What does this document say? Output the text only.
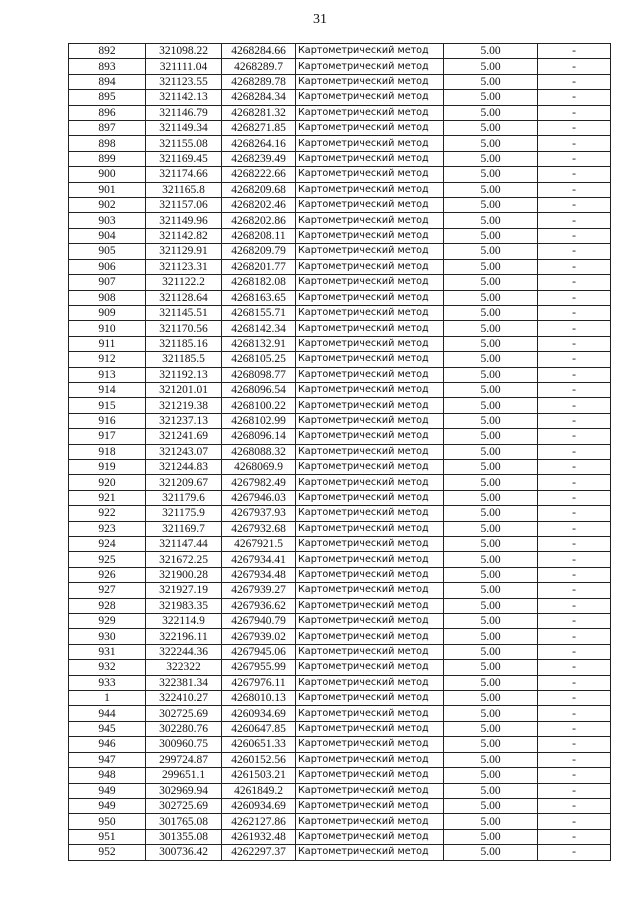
31
892	321098.22	4268284.66	Картометрический метод	5.00	-
893	321111.04	4268289.7	Картометрический метод	5.00	-
894	321123.55	4268289.78	Картометрический метод	5.00	-
895	321142.13	4268284.34	Картометрический метод	5.00	-
896	321146.79	4268281.32	Картометрический метод	5.00	-
897	321149.34	4268271.85	Картометрический метод	5.00	-
898	321155.08	4268264.16	Картометрический метод	5.00	-
899	321169.45	4268239.49	Картометрический метод	5.00	-
900	321174.66	4268222.66	Картометрический метод	5.00	-
901	321165.8	4268209.68	Картометрический метод	5.00	-
902	321157.06	4268202.46	Картометрический метод	5.00	-
903	321149.96	4268202.86	Картометрический метод	5.00	-
904	321142.82	4268208.11	Картометрический метод	5.00	-
905	321129.91	4268209.79	Картометрический метод	5.00	-
906	321123.31	4268201.77	Картометрический метод	5.00	-
907	321122.2	4268182.08	Картометрический метод	5.00	-
908	321128.64	4268163.65	Картометрический метод	5.00	-
909	321145.51	4268155.71	Картометрический метод	5.00	-
910	321170.56	4268142.34	Картометрический метод	5.00	-
911	321185.16	4268132.91	Картометрический метод	5.00	-
912	321185.5	4268105.25	Картометрический метод	5.00	-
913	321192.13	4268098.77	Картометрический метод	5.00	-
914	321201.01	4268096.54	Картометрический метод	5.00	-
915	321219.38	4268100.22	Картометрический метод	5.00	-
916	321237.13	4268102.99	Картометрический метод	5.00	-
917	321241.69	4268096.14	Картометрический метод	5.00	-
918	321243.07	4268088.32	Картометрический метод	5.00	-
919	321244.83	4268069.9	Картометрический метод	5.00	-
920	321209.67	4267982.49	Картометрический метод	5.00	-
921	321179.6	4267946.03	Картометрический метод	5.00	-
922	321175.9	4267937.93	Картометрический метод	5.00	-
923	321169.7	4267932.68	Картометрический метод	5.00	-
924	321147.44	4267921.5	Картометрический метод	5.00	-
925	321672.25	4267934.41	Картометрический метод	5.00	-
926	321900.28	4267934.48	Картометрический метод	5.00	-
927	321927.19	4267939.27	Картометрический метод	5.00	-
928	321983.35	4267936.62	Картометрический метод	5.00	-
929	322114.9	4267940.79	Картометрический метод	5.00	-
930	322196.11	4267939.02	Картометрический метод	5.00	-
931	322244.36	4267945.06	Картометрический метод	5.00	-
932	322322	4267955.99	Картометрический метод	5.00	-
933	322381.34	4267976.11	Картометрический метод	5.00	-
1	322410.27	4268010.13	Картометрический метод	5.00	-
944	302725.69	4260934.69	Картометрический метод	5.00	-
945	302280.76	4260647.85	Картометрический метод	5.00	-
946	300960.75	4260651.33	Картометрический метод	5.00	-
947	299724.87	4260152.56	Картометрический метод	5.00	-
948	299651.1	4261503.21	Картометрический метод	5.00	-
949	302969.94	4261849.2	Картометрический метод	5.00	-
949	302725.69	4260934.69	Картометрический метод	5.00	-
950	301765.08	4262127.86	Картометрический метод	5.00	-
951	301355.08	4261932.48	Картометрический метод	5.00	-
952	300736.42	4262297.37	Картометрический метод	5.00	-
